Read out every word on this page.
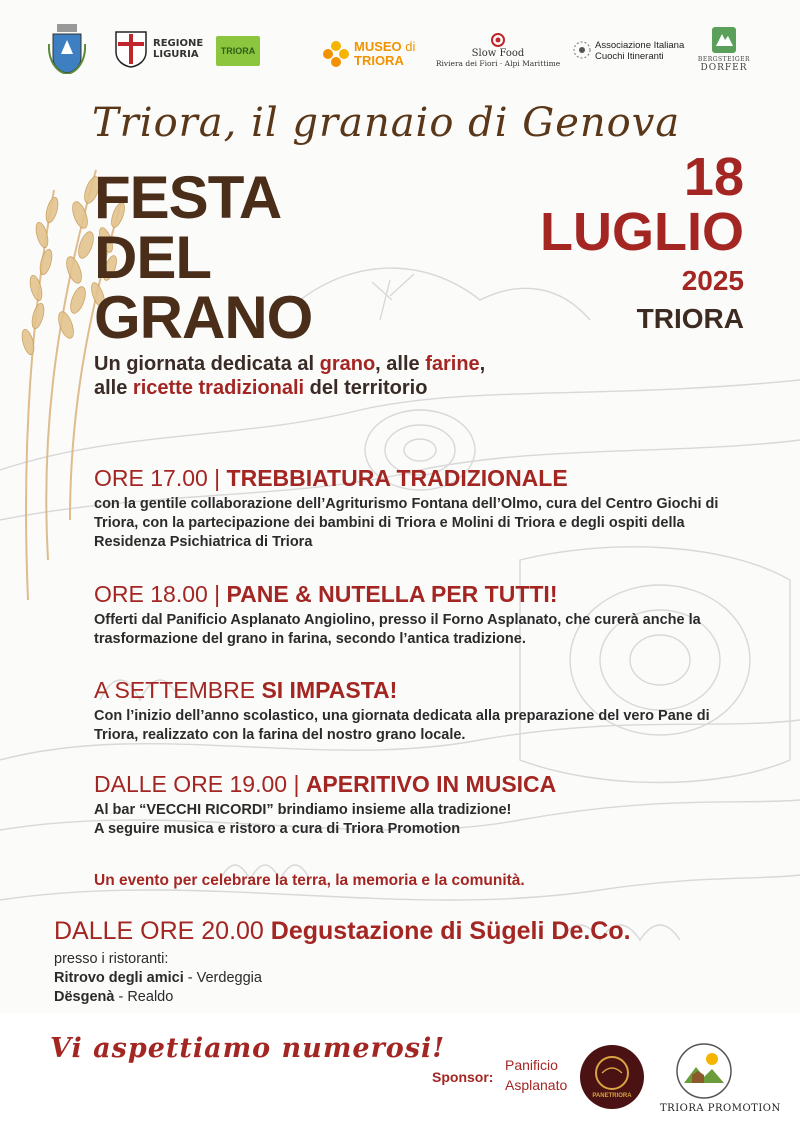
REGIONE
LIGURIA	TRIORA	MUSEO di
TRIORA	Slow Food
Riviera dei Fiori · Alpi Marittime
Associazione Italiana
Cuochi Itineranti	BERGSTEIGER
DORFER
Triora, il granaio di Genova
FESTA
DEL
GRANO
18
LUGLIO
2025
TRIORA
Un giornata dedicata al grano, alle farine,
alle ricette tradizionali del territorio
ORE 17.00 | TREBBIATURA TRADIZIONALE
con la gentile collaborazione dell’Agriturismo Fontana dell’Olmo, cura del Centro Giochi di Triora, con la partecipazione dei bambini di Triora e Molini di Triora e degli ospiti della Residenza Psichiatrica di Triora
ORE 18.00 | PANE & NUTELLA PER TUTTI!
Offerti dal Panificio Asplanato Angiolino, presso il Forno Asplanato, che curerà anche la trasformazione del grano in farina, secondo l’antica tradizione.
A SETTEMBRE SI IMPASTA!
Con l’inizio dell’anno scolastico, una giornata dedicata alla preparazione del vero Pane di Triora, realizzato con la farina del nostro grano locale.
DALLE ORE 19.00 | APERITIVO IN MUSICA
Al bar “VECCHI RICORDI” brindiamo insieme alla tradizione!
A seguire musica e ristoro a cura di Triora Promotion
Un evento per celebrare la terra, la memoria e la comunità.
DALLE ORE 20.00 Degustazione di Sügeli De.Co.
presso i ristoranti:
Ritrovo degli amici - Verdeggia
Dësgenà - Realdo
Vi aspettiamo numerosi!
Sponsor:
Panificio
Asplanato
PANETRIORA
TRIORA PROMOTION
